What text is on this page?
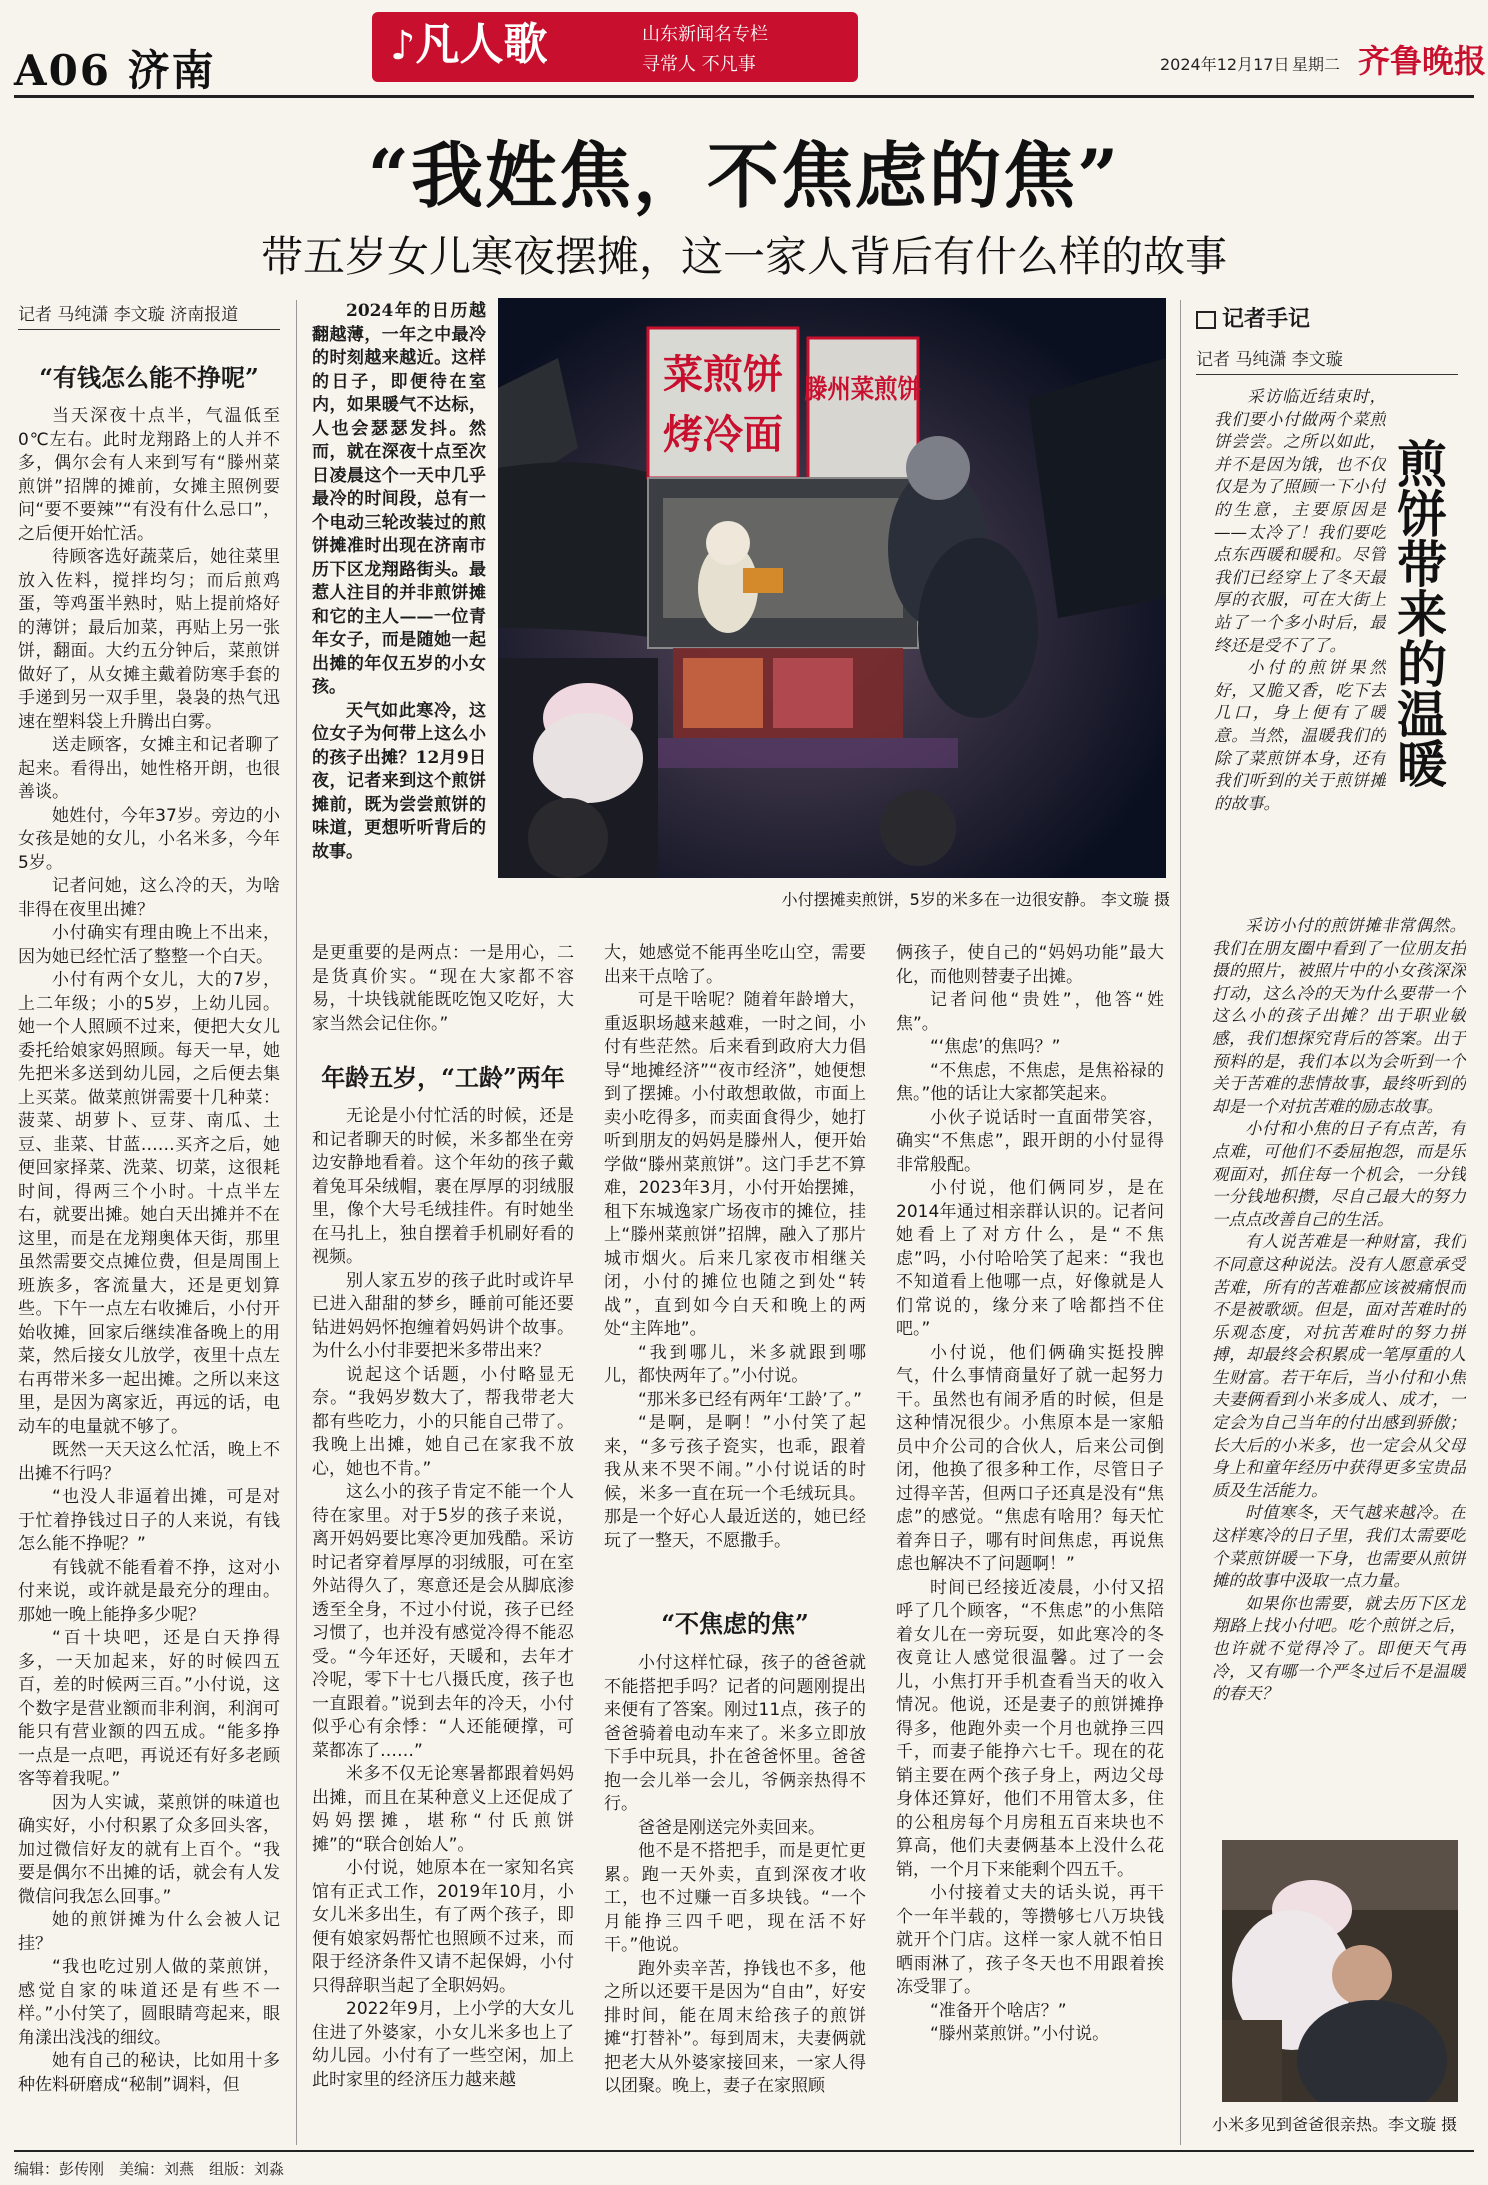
A06 济南
♪凡人歌	山东新闻名专栏
寻常人 不凡事	2024年12月17日 星期二 齐鲁晚报
“我姓焦，不焦虑的焦”
带五岁女儿寒夜摆摊，这一家人背后有什么样的故事
记者 马纯潇 李文璇 济南报道
“有钱怎么能不挣呢”

当天深夜十点半，气温低至0℃左右。此时龙翔路上的人并不多，偶尔会有人来到写有“滕州菜煎饼”招牌的摊前，女摊主照例要问“要不要辣”“有没有什么忌口”，之后便开始忙活。

待顾客选好蔬菜后，她往菜里放入佐料，搅拌均匀；而后煎鸡蛋，等鸡蛋半熟时，贴上提前烙好的薄饼；最后加菜，再贴上另一张饼，翻面。大约五分钟后，菜煎饼做好了，从女摊主戴着防寒手套的手递到另一双手里，袅袅的热气迅速在塑料袋上升腾出白雾。

送走顾客，女摊主和记者聊了起来。看得出，她性格开朗，也很善谈。

她姓付，今年37岁。旁边的小女孩是她的女儿，小名米多，今年5岁。

记者问她，这么冷的天，为啥非得在夜里出摊？

小付确实有理由晚上不出来，因为她已经忙活了整整一个白天。

小付有两个女儿，大的7岁，上二年级；小的5岁，上幼儿园。她一个人照顾不过来，便把大女儿委托给娘家妈照顾。每天一早，她先把米多送到幼儿园，之后便去集上买菜。做菜煎饼需要十几种菜：菠菜、胡萝卜、豆芽、南瓜、土豆、韭菜、甘蓝……买齐之后，她便回家择菜、洗菜、切菜，这很耗时间，得两三个小时。十点半左右，就要出摊。她白天出摊并不在这里，而是在龙翔奥体天街，那里虽然需要交点摊位费，但是周围上班族多，客流量大，还是更划算些。下午一点左右收摊后，小付开始收摊，回家后继续准备晚上的用菜，然后接女儿放学，夜里十点左右再带米多一起出摊。之所以来这里，是因为离家近，再远的话，电动车的电量就不够了。

既然一天天这么忙活，晚上不出摊不行吗？

“也没人非逼着出摊，可是对于忙着挣钱过日子的人来说，有钱怎么能不挣呢？”

有钱就不能看着不挣，这对小付来说，或许就是最充分的理由。那她一晚上能挣多少呢？

“百十块吧，还是白天挣得多，一天加起来，好的时候四五百，差的时候两三百。”小付说，这个数字是营业额而非利润，利润可能只有营业额的四五成。“能多挣一点是一点吧，再说还有好多老顾客等着我呢。”

因为人实诚，菜煎饼的味道也确实好，小付积累了众多回头客，加过微信好友的就有上百个。“我要是偶尔不出摊的话，就会有人发微信问我怎么回事。”

她的煎饼摊为什么会被人记挂？

“我也吃过别人做的菜煎饼，感觉自家的味道还是有些不一样。”小付笑了，圆眼睛弯起来，眼角漾出浅浅的细纹。

她有自己的秘诀，比如用十多种佐料研磨成“秘制”调料，但

2024年的日历越翻越薄，一年之中最冷的时刻越来越近。这样的日子，即便待在室内，如果暖气不达标，人也会瑟瑟发抖。然而，就在深夜十点至次日凌晨这个一天中几乎最冷的时间段，总有一个电动三轮改装过的煎饼摊准时出现在济南市历下区龙翔路街头。最惹人注目的并非煎饼摊和它的主人——一位青年女子，而是随她一起出摊的年仅五岁的小女孩。

天气如此寒冷，这位女子为何带上这么小的孩子出摊？12月9日夜，记者来到这个煎饼摊前，既为尝尝煎饼的味道，更想听听背后的故事。

菜煎饼
烤冷面
滕州菜煎饼
小付摆摊卖煎饼，5岁的米多在一边很安静。 李文璇 摄

是更重要的是两点：一是用心，二是货真价实。“现在大家都不容易，十块钱就能既吃饱又吃好，大家当然会记住你。”

年龄五岁，“工龄”两年

无论是小付忙活的时候，还是和记者聊天的时候，米多都坐在旁边安静地看着。这个年幼的孩子戴着兔耳朵绒帽，裹在厚厚的羽绒服里，像个大号毛绒挂件。有时她坐在马扎上，独自摆着手机刷好看的视频。

别人家五岁的孩子此时或许早已进入甜甜的梦乡，睡前可能还要钻进妈妈怀抱缠着妈妈讲个故事。为什么小付非要把米多带出来？

说起这个话题，小付略显无奈。“我妈岁数大了，帮我带老大都有些吃力，小的只能自己带了。我晚上出摊，她自己在家我不放心，她也不肯。”

这么小的孩子肯定不能一个人待在家里。对于5岁的孩子来说，离开妈妈要比寒冷更加残酷。采访时记者穿着厚厚的羽绒服，可在室外站得久了，寒意还是会从脚底渗透至全身，不过小付说，孩子已经习惯了，也并没有感觉冷得不能忍受。“今年还好，天暖和，去年才冷呢，零下十七八摄氏度，孩子也一直跟着。”说到去年的冷天，小付似乎心有余悸：“人还能硬撑，可菜都冻了……”

米多不仅无论寒暑都跟着妈妈出摊，而且在某种意义上还促成了妈妈摆摊，堪称“付氏煎饼摊”的“联合创始人”。

小付说，她原本在一家知名宾馆有正式工作，2019年10月，小女儿米多出生，有了两个孩子，即便有娘家妈帮忙也照顾不过来，而限于经济条件又请不起保姆，小付只得辞职当起了全职妈妈。

2022年9月，上小学的大女儿住进了外婆家，小女儿米多也上了幼儿园。小付有了一些空闲，加上此时家里的经济压力越来越

大，她感觉不能再坐吃山空，需要出来干点啥了。

可是干啥呢？随着年龄增大，重返职场越来越难，一时之间，小付有些茫然。后来看到政府大力倡导“地摊经济”“夜市经济”，她便想到了摆摊。小付敢想敢做，市面上卖小吃得多，而卖面食得少，她打听到朋友的妈妈是滕州人，便开始学做“滕州菜煎饼”。这门手艺不算难，2023年3月，小付开始摆摊，租下东城逸家广场夜市的摊位，挂上“滕州菜煎饼”招牌，融入了那片城市烟火。后来几家夜市相继关闭，小付的摊位也随之到处“转战”，直到如今白天和晚上的两处“主阵地”。

“我到哪儿，米多就跟到哪儿，都快两年了。”小付说。

“那米多已经有两年‘工龄’了。”

“是啊，是啊！”小付笑了起来，“多亏孩子瓷实，也乖，跟着我从来不哭不闹。”小付说话的时候，米多一直在玩一个毛绒玩具。那是一个好心人最近送的，她已经玩了一整天，不愿撒手。

“不焦虑的焦”

小付这样忙碌，孩子的爸爸就不能搭把手吗？记者的问题刚提出来便有了答案。刚过11点，孩子的爸爸骑着电动车来了。米多立即放下手中玩具，扑在爸爸怀里。爸爸抱一会儿举一会儿，爷俩亲热得不行。

爸爸是刚送完外卖回来。

他不是不搭把手，而是更忙更累。跑一天外卖，直到深夜才收工，也不过赚一百多块钱。“一个月能挣三四千吧，现在活不好干。”他说。

跑外卖辛苦，挣钱也不多，他之所以还要干是因为“自由”，好安排时间，能在周末给孩子的煎饼摊“打替补”。每到周末，夫妻俩就把老大从外婆家接回来，一家人得以团聚。晚上，妻子在家照顾

俩孩子，使自己的“妈妈功能”最大化，而他则替妻子出摊。

记者问他“贵姓”，他答“姓焦”。

“‘焦虑’的焦吗？”

“不焦虑，不焦虑，是焦裕禄的焦。”他的话让大家都笑起来。

小伙子说话时一直面带笑容，确实“不焦虑”，跟开朗的小付显得非常般配。

小付说，他们俩同岁，是在2014年通过相亲群认识的。记者问她看上了对方什么，是“不焦虑”吗，小付哈哈笑了起来：“我也不知道看上他哪一点，好像就是人们常说的，缘分来了啥都挡不住吧。”

小付说，他们俩确实挺投脾气，什么事情商量好了就一起努力干。虽然也有闹矛盾的时候，但是这种情况很少。小焦原本是一家船员中介公司的合伙人，后来公司倒闭，他换了很多种工作，尽管日子过得辛苦，但两口子还真是没有“焦虑”的感觉。“焦虑有啥用？每天忙着奔日子，哪有时间焦虑，再说焦虑也解决不了问题啊！”

时间已经接近凌晨，小付又招呼了几个顾客，“不焦虑”的小焦陪着女儿在一旁玩耍，如此寒冷的冬夜竟让人感觉很温馨。过了一会儿，小焦打开手机查看当天的收入情况。他说，还是妻子的煎饼摊挣得多，他跑外卖一个月也就挣三四千，而妻子能挣六七千。现在的花销主要在两个孩子身上，两边父母身体还算好，他们不用管太多，住的公租房每个月房租五百来块也不算高，他们夫妻俩基本上没什么花销，一个月下来能剩个四五千。

小付接着丈夫的话头说，再干个一年半载的，等攒够七八万块钱就开个门店。这样一家人就不怕日晒雨淋了，孩子冬天也不用跟着挨冻受罪了。

“准备开个啥店？”

“滕州菜煎饼。”小付说。

记者手记
记者 马纯潇 李文璇
煎饼带来的温暖

采访临近结束时，我们要小付做两个菜煎饼尝尝。之所以如此，并不是因为饿，也不仅仅是为了照顾一下小付的生意，主要原因是——太冷了！我们要吃点东西暖和暖和。尽管我们已经穿上了冬天最厚的衣服，可在大街上站了一个多小时后，最终还是受不了了。

小付的煎饼果然好，又脆又香，吃下去几口，身上便有了暖意。当然，温暖我们的除了菜煎饼本身，还有我们听到的关于煎饼摊的故事。

采访小付的煎饼摊非常偶然。我们在朋友圈中看到了一位朋友拍摄的照片，被照片中的小女孩深深打动，这么冷的天为什么要带一个这么小的孩子出摊？出于职业敏感，我们想探究背后的答案。出于预料的是，我们本以为会听到一个关于苦难的悲情故事，最终听到的却是一个对抗苦难的励志故事。

小付和小焦的日子有点苦，有点难，可他们不委屈抱怨，而是乐观面对，抓住每一个机会，一分钱一分钱地积攒，尽自己最大的努力一点点改善自己的生活。

有人说苦难是一种财富，我们不同意这种说法。没有人愿意承受苦难，所有的苦难都应该被痛恨而不是被歌颂。但是，面对苦难时的乐观态度，对抗苦难时的努力拼搏，却最终会积累成一笔厚重的人生财富。若干年后，当小付和小焦夫妻俩看到小米多成人、成才，一定会为自己当年的付出感到骄傲；长大后的小米多，也一定会从父母身上和童年经历中获得更多宝贵品质及生活能力。

时值寒冬，天气越来越冷。在这样寒冷的日子里，我们太需要吃个菜煎饼暖一下身，也需要从煎饼摊的故事中汲取一点力量。

如果你也需要，就去历下区龙翔路上找小付吧。吃个煎饼之后，也许就不觉得冷了。即便天气再冷，又有哪一个严冬过后不是温暖的春天？

小米多见到爸爸很亲热。李文璇 摄
编辑：彭传刚　美编：刘燕　组版：刘淼
